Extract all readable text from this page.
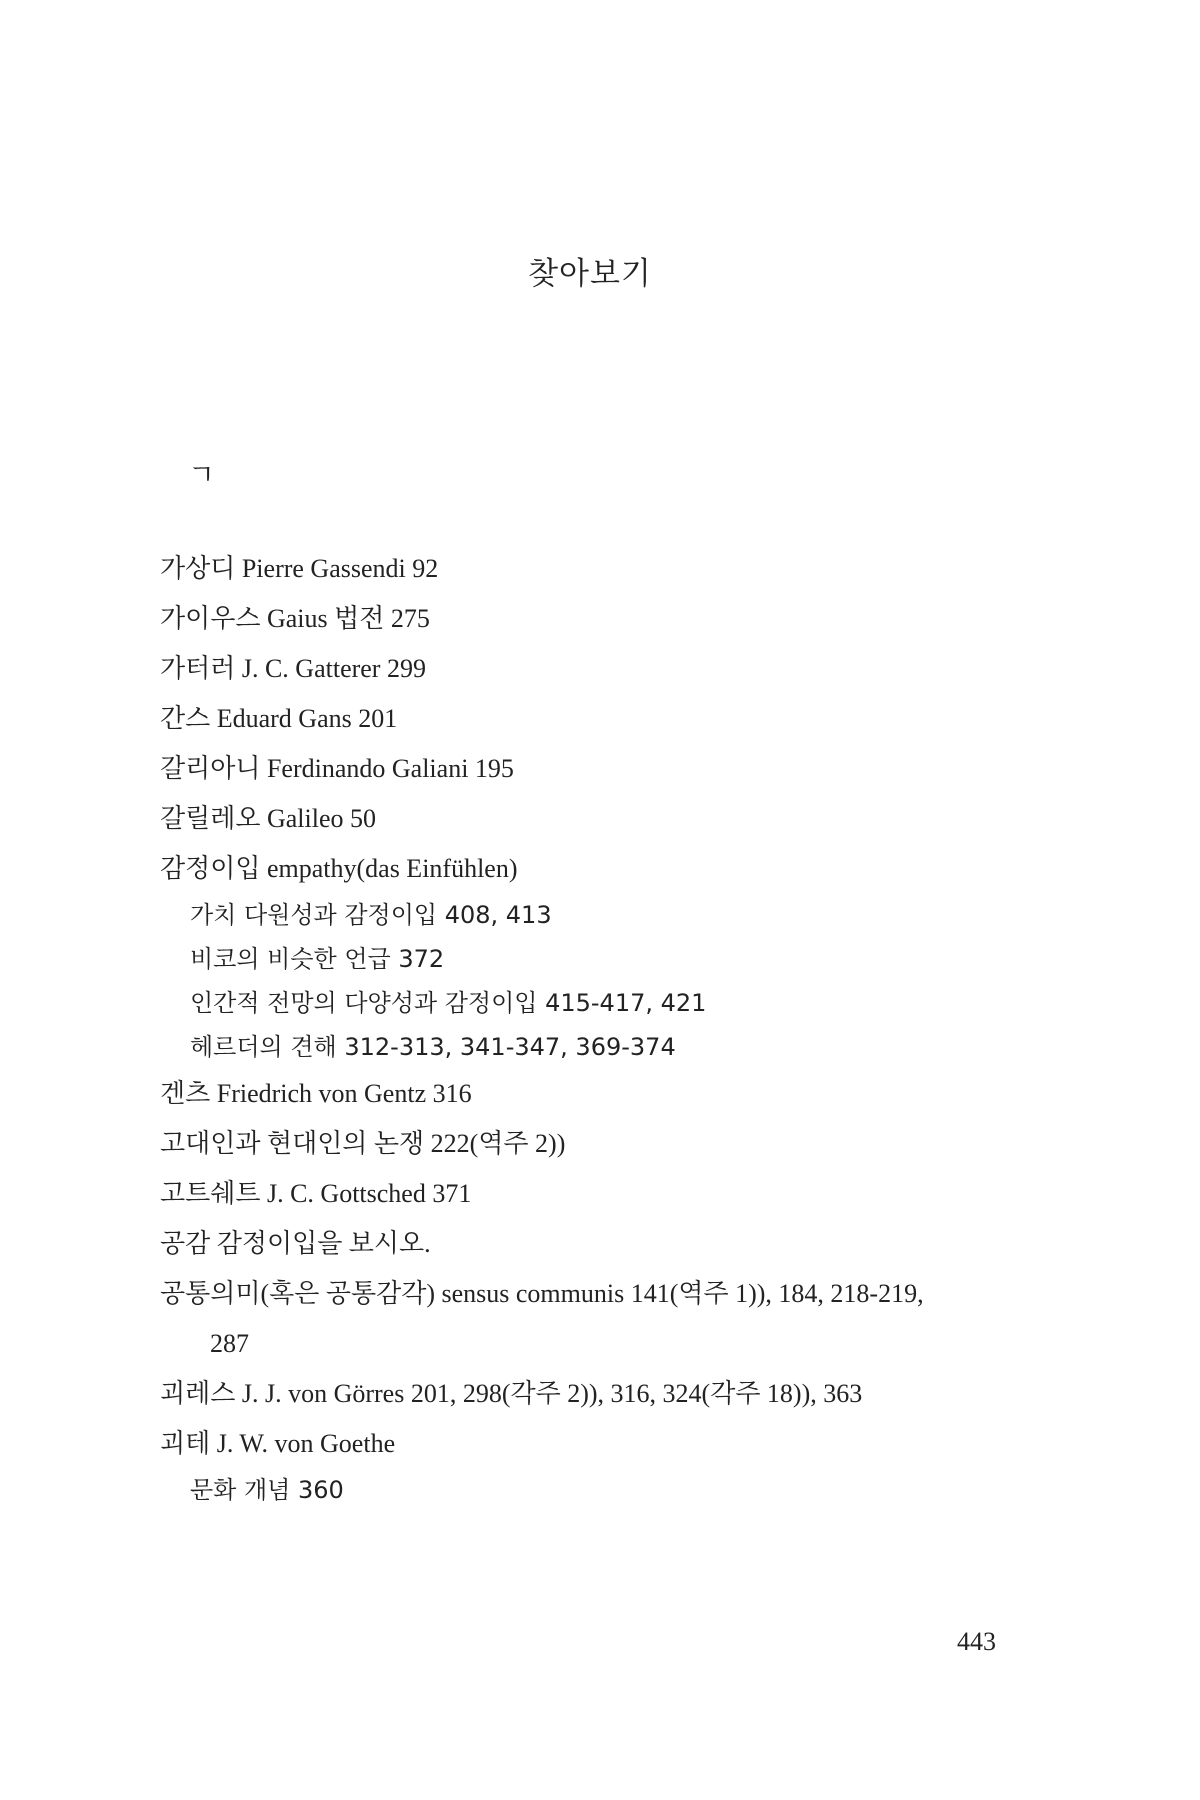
찾아보기
ㄱ
가상디 Pierre Gassendi 92
가이우스 Gaius 법전 275
가터러 J. C. Gatterer 299
간스 Eduard Gans 201
갈리아니 Ferdinando Galiani 195
갈릴레오 Galileo 50
감정이입 empathy(das Einfühlen)
가치 다원성과 감정이입 408, 413
비코의 비슷한 언급 372
인간적 전망의 다양성과 감정이입 415-417, 421
헤르더의 견해 312-313, 341-347, 369-374
겐츠 Friedrich von Gentz 316
고대인과 현대인의 논쟁 222(역주 2))
고트쉐트 J. C. Gottsched 371
공감 감정이입을 보시오.
공통의미(혹은 공통감각) sensus communis 141(역주 1)), 184, 218-219,
287
괴레스 J. J. von Görres 201, 298(각주 2)), 316, 324(각주 18)), 363
괴테 J. W. von Goethe
문화 개념 360
443
